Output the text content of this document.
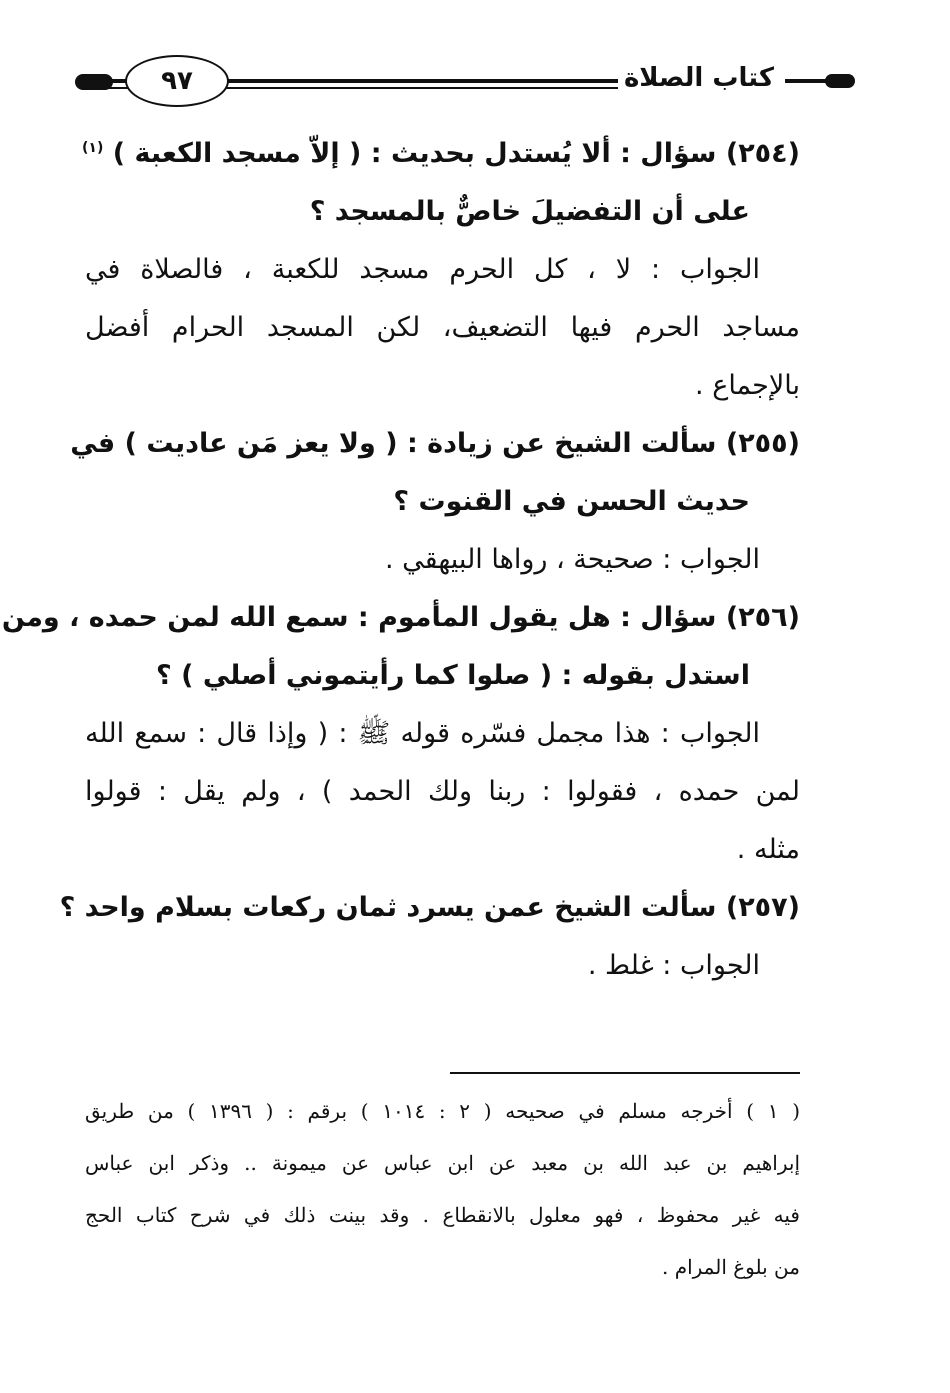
٩٧	كتاب الصلاة
(٢٥٤) سؤال : ألا يُستدل بحديث : ( إلاّ مسجد الكعبة ) $^{(١)}$
على أن التفضيلَ خاصٌّ بالمسجد ؟
الجواب : لا ، كل الحرم مسجد للكعبة ، فالصلاة في
مساجد الحرم فيها التضعيف، لكن المسجد الحرام أفضل
بالإجماع .
(٢٥٥) سألت الشيخ عن زيادة : ( ولا يعز مَن عاديت ) في
حديث الحسن في القنوت ؟
الجواب : صحيحة ، رواها البيهقي .
(٢٥٦) سؤال : هل يقول المأموم : سمع الله لمن حمده ، ومن
استدل بقوله : ( صلوا كما رأيتموني أصلي ) ؟
الجواب : هذا مجمل فسّره قوله ﷺ : ( وإذا قال : سمع الله
لمن حمده ، فقولوا : ربنا ولك الحمد ) ، ولم يقل : قولوا
مثله .
(٢٥٧) سألت الشيخ عمن يسرد ثمان ركعات بسلام واحد ؟
الجواب : غلط .
( ١ ) أخرجه مسلم في صحيحه ( ٢ : ١٠١٤ ) برقم : ( ١٣٩٦ ) من طريق
إبراهيم بن عبد الله بن معبد عن ابن عباس عن ميمونة .. وذكر ابن عباس
فيه غير محفوظ ، فهو معلول بالانقطاع . وقد بينت ذلك في شرح كتاب الحج
من بلوغ المرام .
